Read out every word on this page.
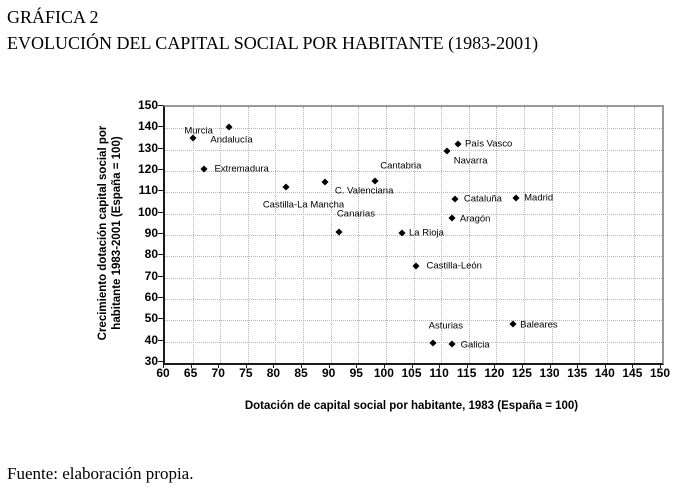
GRÁFICA 2
EVOLUCIÓN DEL CAPITAL SOCIAL POR HABITANTE (1983-2001)
Crecimiento dotación capital social por habitante 1983-2001 (España = 100)
Murcia
Andalucía
Extremadura
Castilla-La Mancha
C. Valenciana
Cantabria
Canarias
La Rioja
Navarra
País Vasco
Cataluña Madrid
Aragón
Castilla-León
Asturias
Galicia
Baleares
60	65	70	75	80	85	90	95 100 105 110 115 120 125 130 135 140 145 150
30
40
50
60
70
80
90
100
110
120
130
140
150
Dotación de capital social por habitante, 1983 (España = 100)
Fuente: elaboración propia.
